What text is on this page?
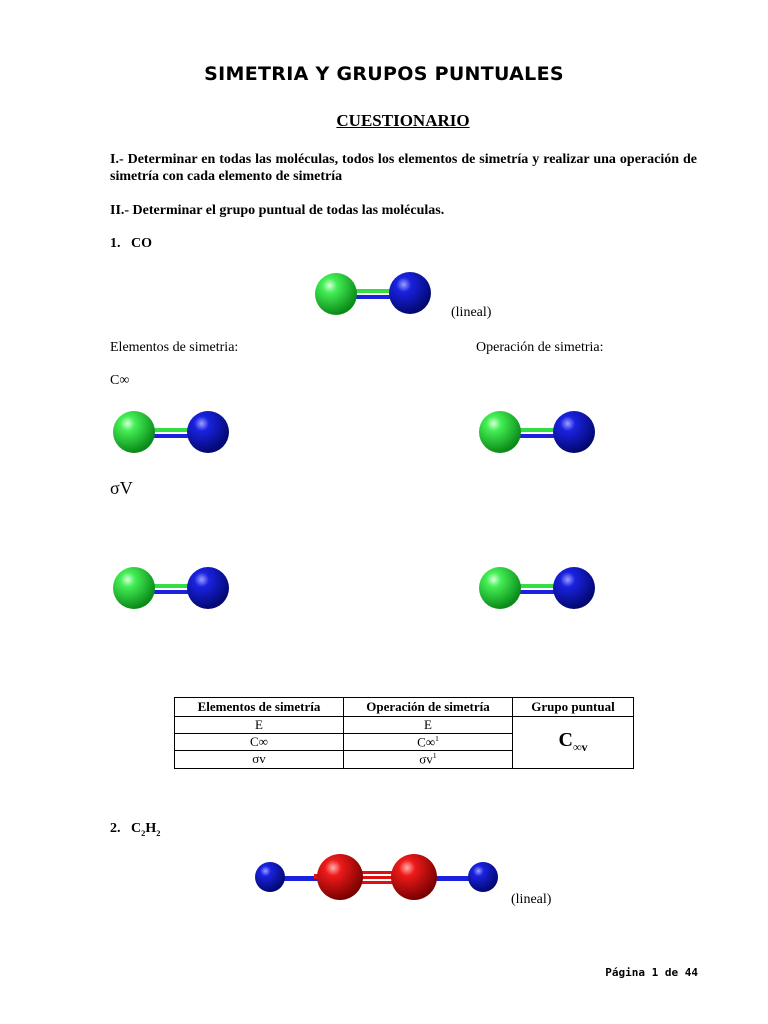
SIMETRIA Y GRUPOS PUNTUALES
CUESTIONARIO
I.- Determinar en todas las moléculas, todos los elementos de simetría y realizar una operación de simetría con cada elemento de simetría
II.- Determinar el grupo puntual de todas las moléculas.
1. CO
(lineal)
Elementos de simetria:	Operación de simetria:
C∞
σV
Elementos de simetría	Operación de simetría	Grupo puntual
E	E	$C_{\infty v}$
C∞	C∞$^1$
σv	$\sigma v^1$
2. $C_2H_2$
(lineal)
Página 1 de 44
